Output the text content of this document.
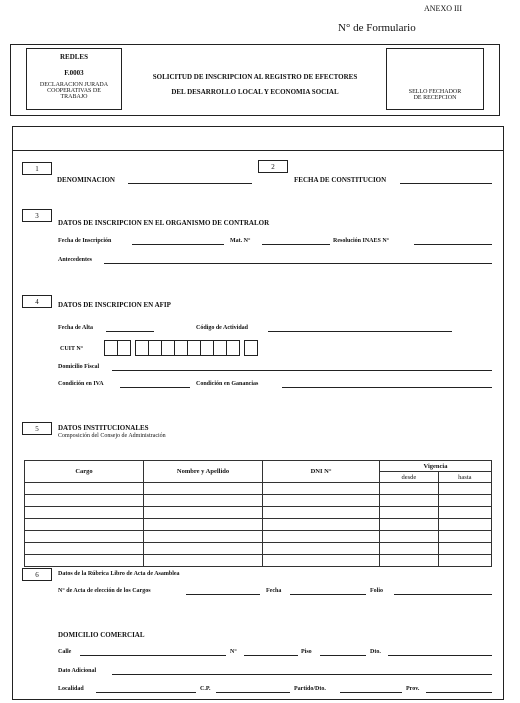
ANEXO III
N° de Formulario
REDLES
F.0003
DECLARACION JURADA
COOPERATIVAS DE
TRABAJO
SOLICITUD DE INSCRIPCION AL REGISTRO DE EFECTORES
DEL DESARROLLO LOCAL Y ECONOMIA SOCIAL	SELLO FECHADOR
DE RECEPCION
1
DENOMINACION
2
FECHA DE CONSTITUCION
3
DATOS DE INSCRIPCION EN EL ORGANISMO DE CONTRALOR
Fecha de Inscripción	Mat. N°	Resolución INAES N°
Antecedentes
4	DATOS DE INSCRIPCION EN AFIP
Fecha de Alta	Código de Actividad
CUIT N°

Domicilio Fiscal
Condición en IVA	Condición en Ganancias
5	DATOS INSTITUCIONALES
Composición del Consejo de Administración
Cargo	Nombre y Apellido	DNI N°	Vigencia	
			desde	hasta

6	Datos de la Rúbrica Libro de Acta de Asamblea
N° de Acta de elección de los Cargos	Fecha	Folio
DOMICILIO COMERCIAL
Calle	N°	Piso	Dto.
Dato Adicional
Localidad	C.P.	Partido/Dto.	Prov.
